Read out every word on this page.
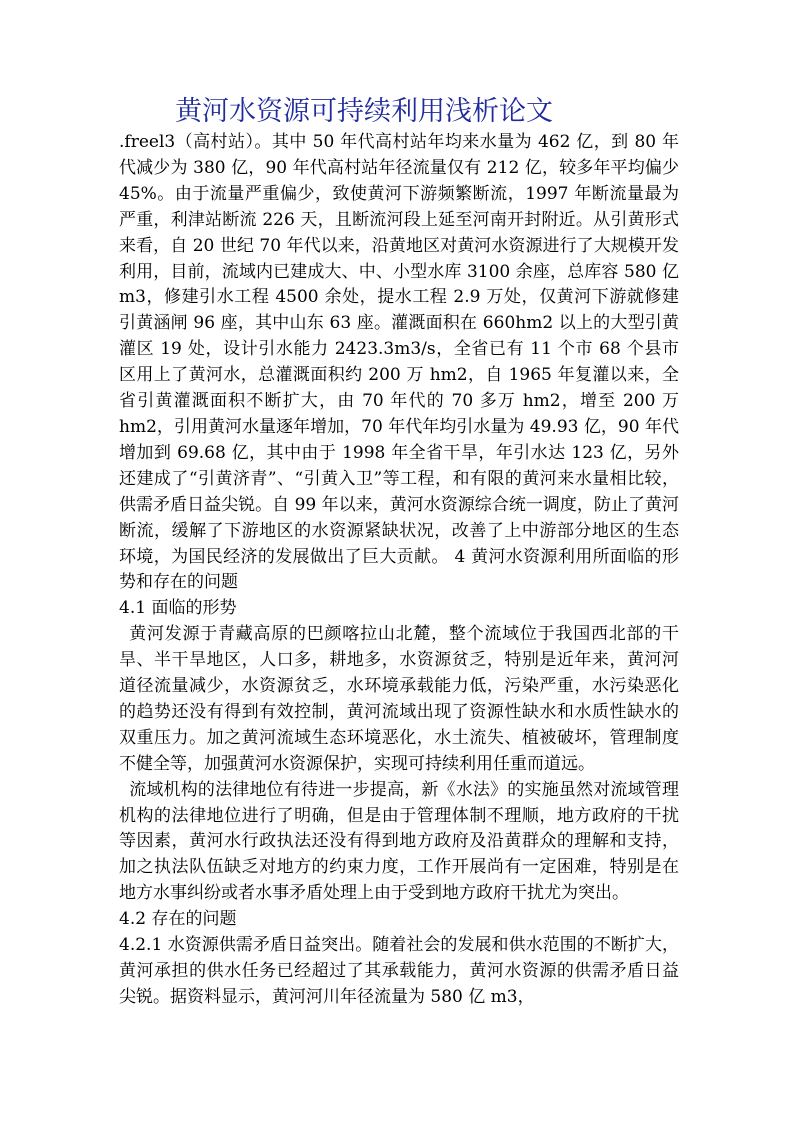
黄河水资源可持续利用浅析论文

.freel3（高村站）。其中 50 年代高村站年均来水量为 462 亿，到 80 年代减少为 380 亿，90 年代高村站年径流量仅有 212 亿，较多年平均偏少 45%。由于流量严重偏少，致使黄河下游频繁断流，1997 年断流量最为严重，利津站断流 226 天，且断流河段上延至河南开封附近。从引黄形式来看，自 20 世纪 70 年代以来，沿黄地区对黄河水资源进行了大规模开发利用，目前，流域内已建成大、中、小型水库 3100 余座，总库容 580 亿 m3，修建引水工程 4500 余处，提水工程 2.9 万处，仅黄河下游就修建引黄涵闸 96 座，其中山东 63 座。灌溉面积在 660hm2 以上的大型引黄灌区 19 处，设计引水能力 2423.3m3/s，全省已有 11 个市 68 个县市区用上了黄河水，总灌溉面积约 200 万 hm2，自 1965 年复灌以来，全省引黄灌溉面积不断扩大，由 70 年代的 70 多万 hm2，增至 200 万 hm2，引用黄河水量逐年增加，70 年代年均引水量为 49.93 亿，90 年代增加到 69.68 亿，其中由于 1998 年全省干旱，年引水达 123 亿，另外还建成了“引黄济青”、“引黄入卫”等工程，和有限的黄河来水量相比较，供需矛盾日益尖锐。自 99 年以来，黄河水资源综合统一调度，防止了黄河断流，缓解了下游地区的水资源紧缺状况，改善了上中游部分地区的生态环境，为国民经济的发展做出了巨大贡献。 4 黄河水资源利用所面临的形势和存在的问题

4.1 面临的形势

黄河发源于青藏高原的巴颜喀拉山北麓，整个流域位于我国西北部的干旱、半干旱地区，人口多，耕地多，水资源贫乏，特别是近年来，黄河河道径流量减少，水资源贫乏，水环境承载能力低，污染严重，水污染恶化的趋势还没有得到有效控制，黄河流域出现了资源性缺水和水质性缺水的双重压力。加之黄河流域生态环境恶化，水土流失、植被破坏，管理制度不健全等，加强黄河水资源保护，实现可持续利用任重而道远。

流域机构的法律地位有待进一步提高，新《水法》的实施虽然对流域管理机构的法律地位进行了明确，但是由于管理体制不理顺，地方政府的干扰等因素，黄河水行政执法还没有得到地方政府及沿黄群众的理解和支持，加之执法队伍缺乏对地方的约束力度，工作开展尚有一定困难，特别是在地方水事纠纷或者水事矛盾处理上由于受到地方政府干扰尤为突出。

4.2 存在的问题

4.2.1 水资源供需矛盾日益突出。随着社会的发展和供水范围的不断扩大，黄河承担的供水任务已经超过了其承载能力，黄河水资源的供需矛盾日益尖锐。据资料显示，黄河河川年径流量为 580 亿 m3，
